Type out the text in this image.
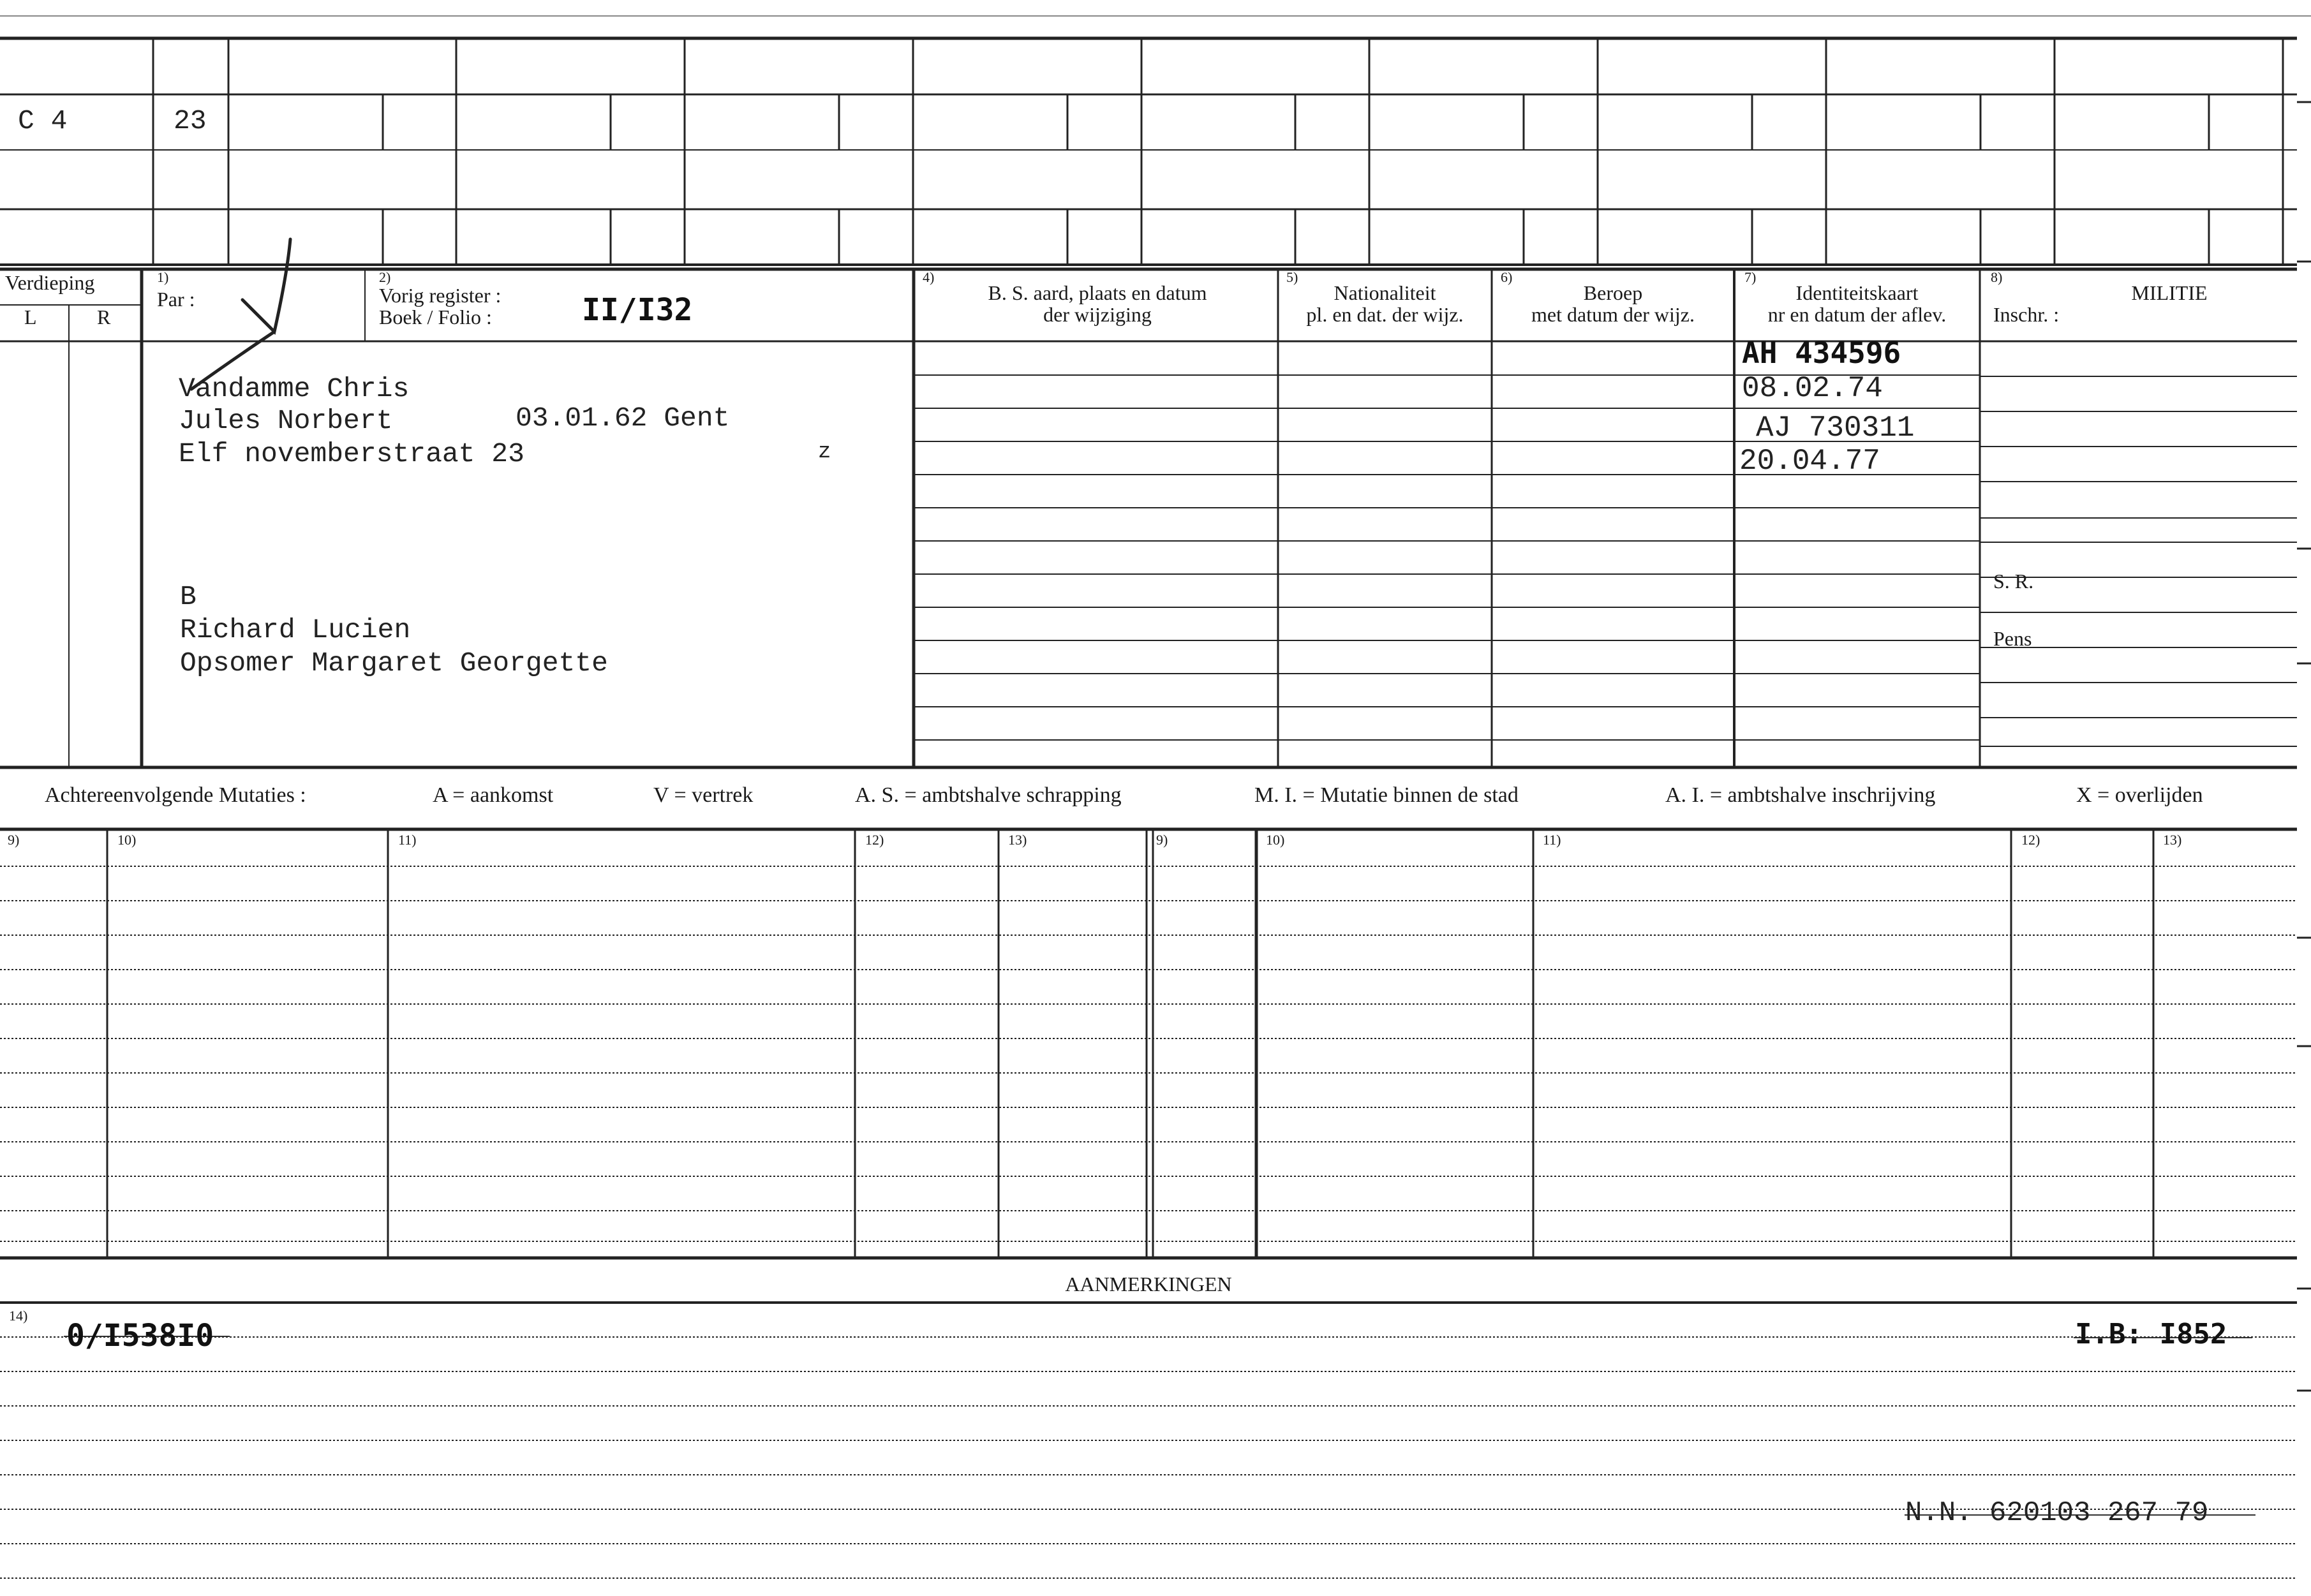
C 4	23
Verdieping
L	R
1)
Par :
2)
Vorig register :
Boek / Folio :	II/I32
4)
B. S. aard, plaats en datum
der wijziging
5)
Nationaliteit
pl. en dat. der wijz.
6)
Beroep
met datum der wijz.
7)
Identiteitskaart
nr en datum der aflev.
8)
MILITIE
Inschr. :
S. R.
Pens
Vandamme Chris
Jules Norbert	03.01.62 Gent
Elf novemberstraat 23	z
B
Richard Lucien
Opsomer Margaret Georgette
AH 434596
08.02.74
AJ 730311
20.04.77
Achtereenvolgende Mutaties :	A = aankomst	V = vertrek	A. S. = ambtshalve schrapping	M. I. = Mutatie binnen de stad	A. I. = ambtshalve inschrijving	X = overlijden
9)	10)	11)	12)	13)	9)	10)	11)	12)	13)
AANMERKINGEN
14)
0/I538I0	I.B: I852
N.N. 620103 267 79
